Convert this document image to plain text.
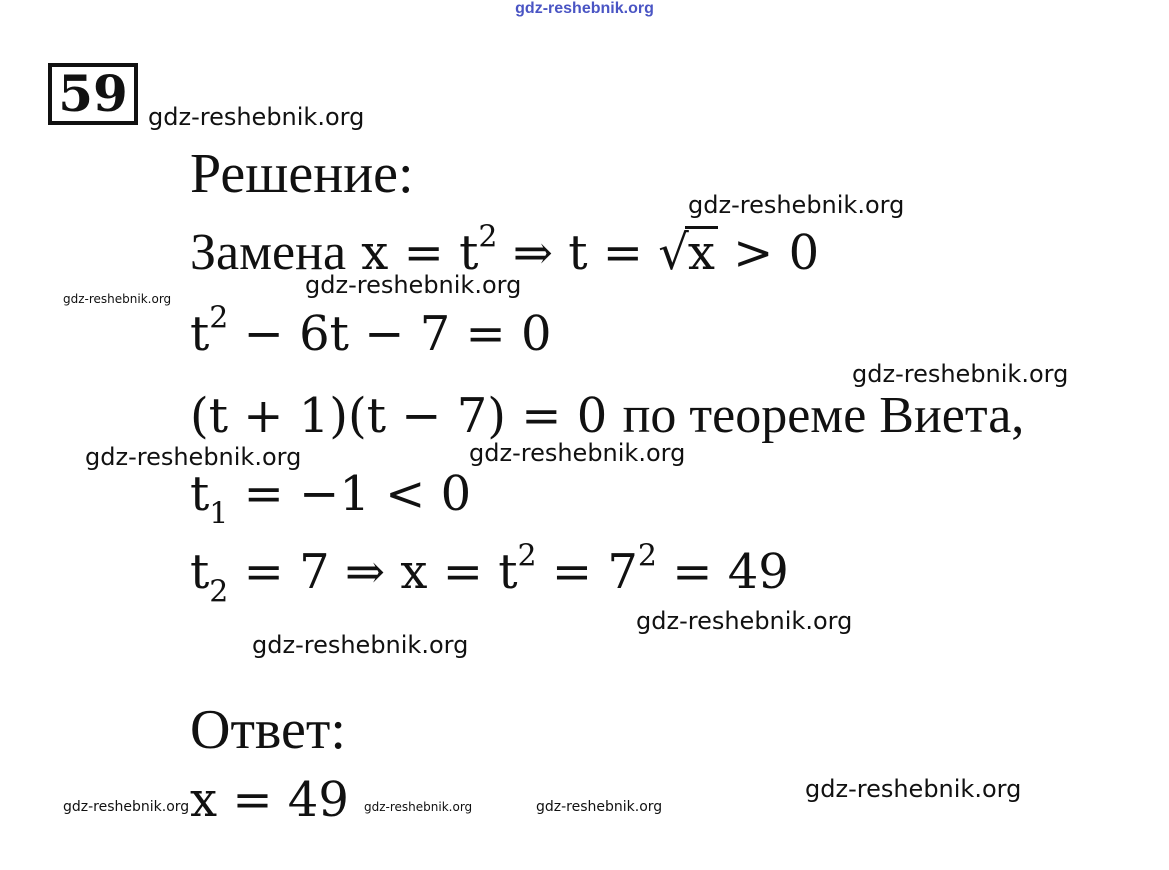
gdz-reshebnik.org
59
Решение:
Замена $x = t^2$ ⇒ t = √x > 0
$t^2 - 6t - 7 = 0$
(t + 1)(t − 7) = 0 по теореме Виета,
$t_1 = -1 < 0$
$t_2 = 7$ ⇒ $x = t^2 = 7^2 = 49$
Ответ:
x = 49
gdz-reshebnik.org
gdz-reshebnik.org
gdz-reshebnik.org
gdz-reshebnik.org
gdz-reshebnik.org
gdz-reshebnik.org	gdz-reshebnik.org
gdz-reshebnik.org
gdz-reshebnik.org
gdz-reshebnik.org
gdz-reshebnik.org	gdz-reshebnik.org	gdz-reshebnik.org
